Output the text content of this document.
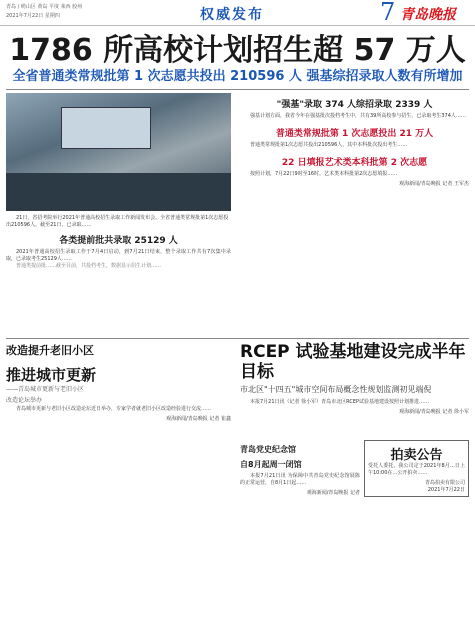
青岛 / 崂山区 黄岛 平度 莱西 胶州
2021年7月22日 星期四	权威发布	7 青岛晚报
1786 所高校计划招生超 57 万人
全省普通类常规批第 1 次志愿共投出 210596 人 强基综招录取人数有所增加

21日，省招考院举行2021年普通高校招生录取工作新闻发布会。全省普通类常规批第1次志愿投出210596人，截至21日，已录取……

各类提前批共录取 25129 人

2021年普通高校招生录取工作于7月4日启动，到7月21日结束，整个录取工作共有7次集中录取，已录取考生25129人……

普通类提前批……截至目前，共投档考生，数据显示招生计划……

"强基"录取 374 人综招录取 2339 人

强基计划方面，我省今年在强基批次投档考生中，共有39所高校参与招生，已录取考生374人……

普通类常规批第 1 次志愿投出 21 万人

普通类常规批第1次志愿共投出210596人，其中本科批次投出考生……

22 日填报艺术类本科批第 2 次志愿

按照计划，7月22日9时至16时，艺术类本科批第2次志愿填报……

观海新闻/青岛晚报 记者 王军杰
改造提升老旧小区
推进城市更新
——青岛城市更新与老旧小区
改造论坛举办

青岛城市更新与老旧小区改造论坛近日举办，专家学者就老旧小区改造经验进行交流……

观海新闻/青岛晚报 记者 崔鑫
RCEP 试验基地建设完成半年目标
市北区"十四五"城市空间布局概念性规划监测初见端倪

本报7月21日讯（记者 徐小军）青岛市北区RCEP试验基地建设按照计划推进……

观海新闻/青岛晚报 记者 徐小军
青岛党史纪念馆
自8月起周一闭馆

本报7月21日讯 为保障中共青岛党史纪念馆展陈的正常运营，自8月1日起……

观海新闻/青岛晚报 记者
拍卖公告

受托人委托，我公司定于2021年8月…日上午10:00在…公开拍卖……

青岛拍卖有限公司
2021年7月22日
